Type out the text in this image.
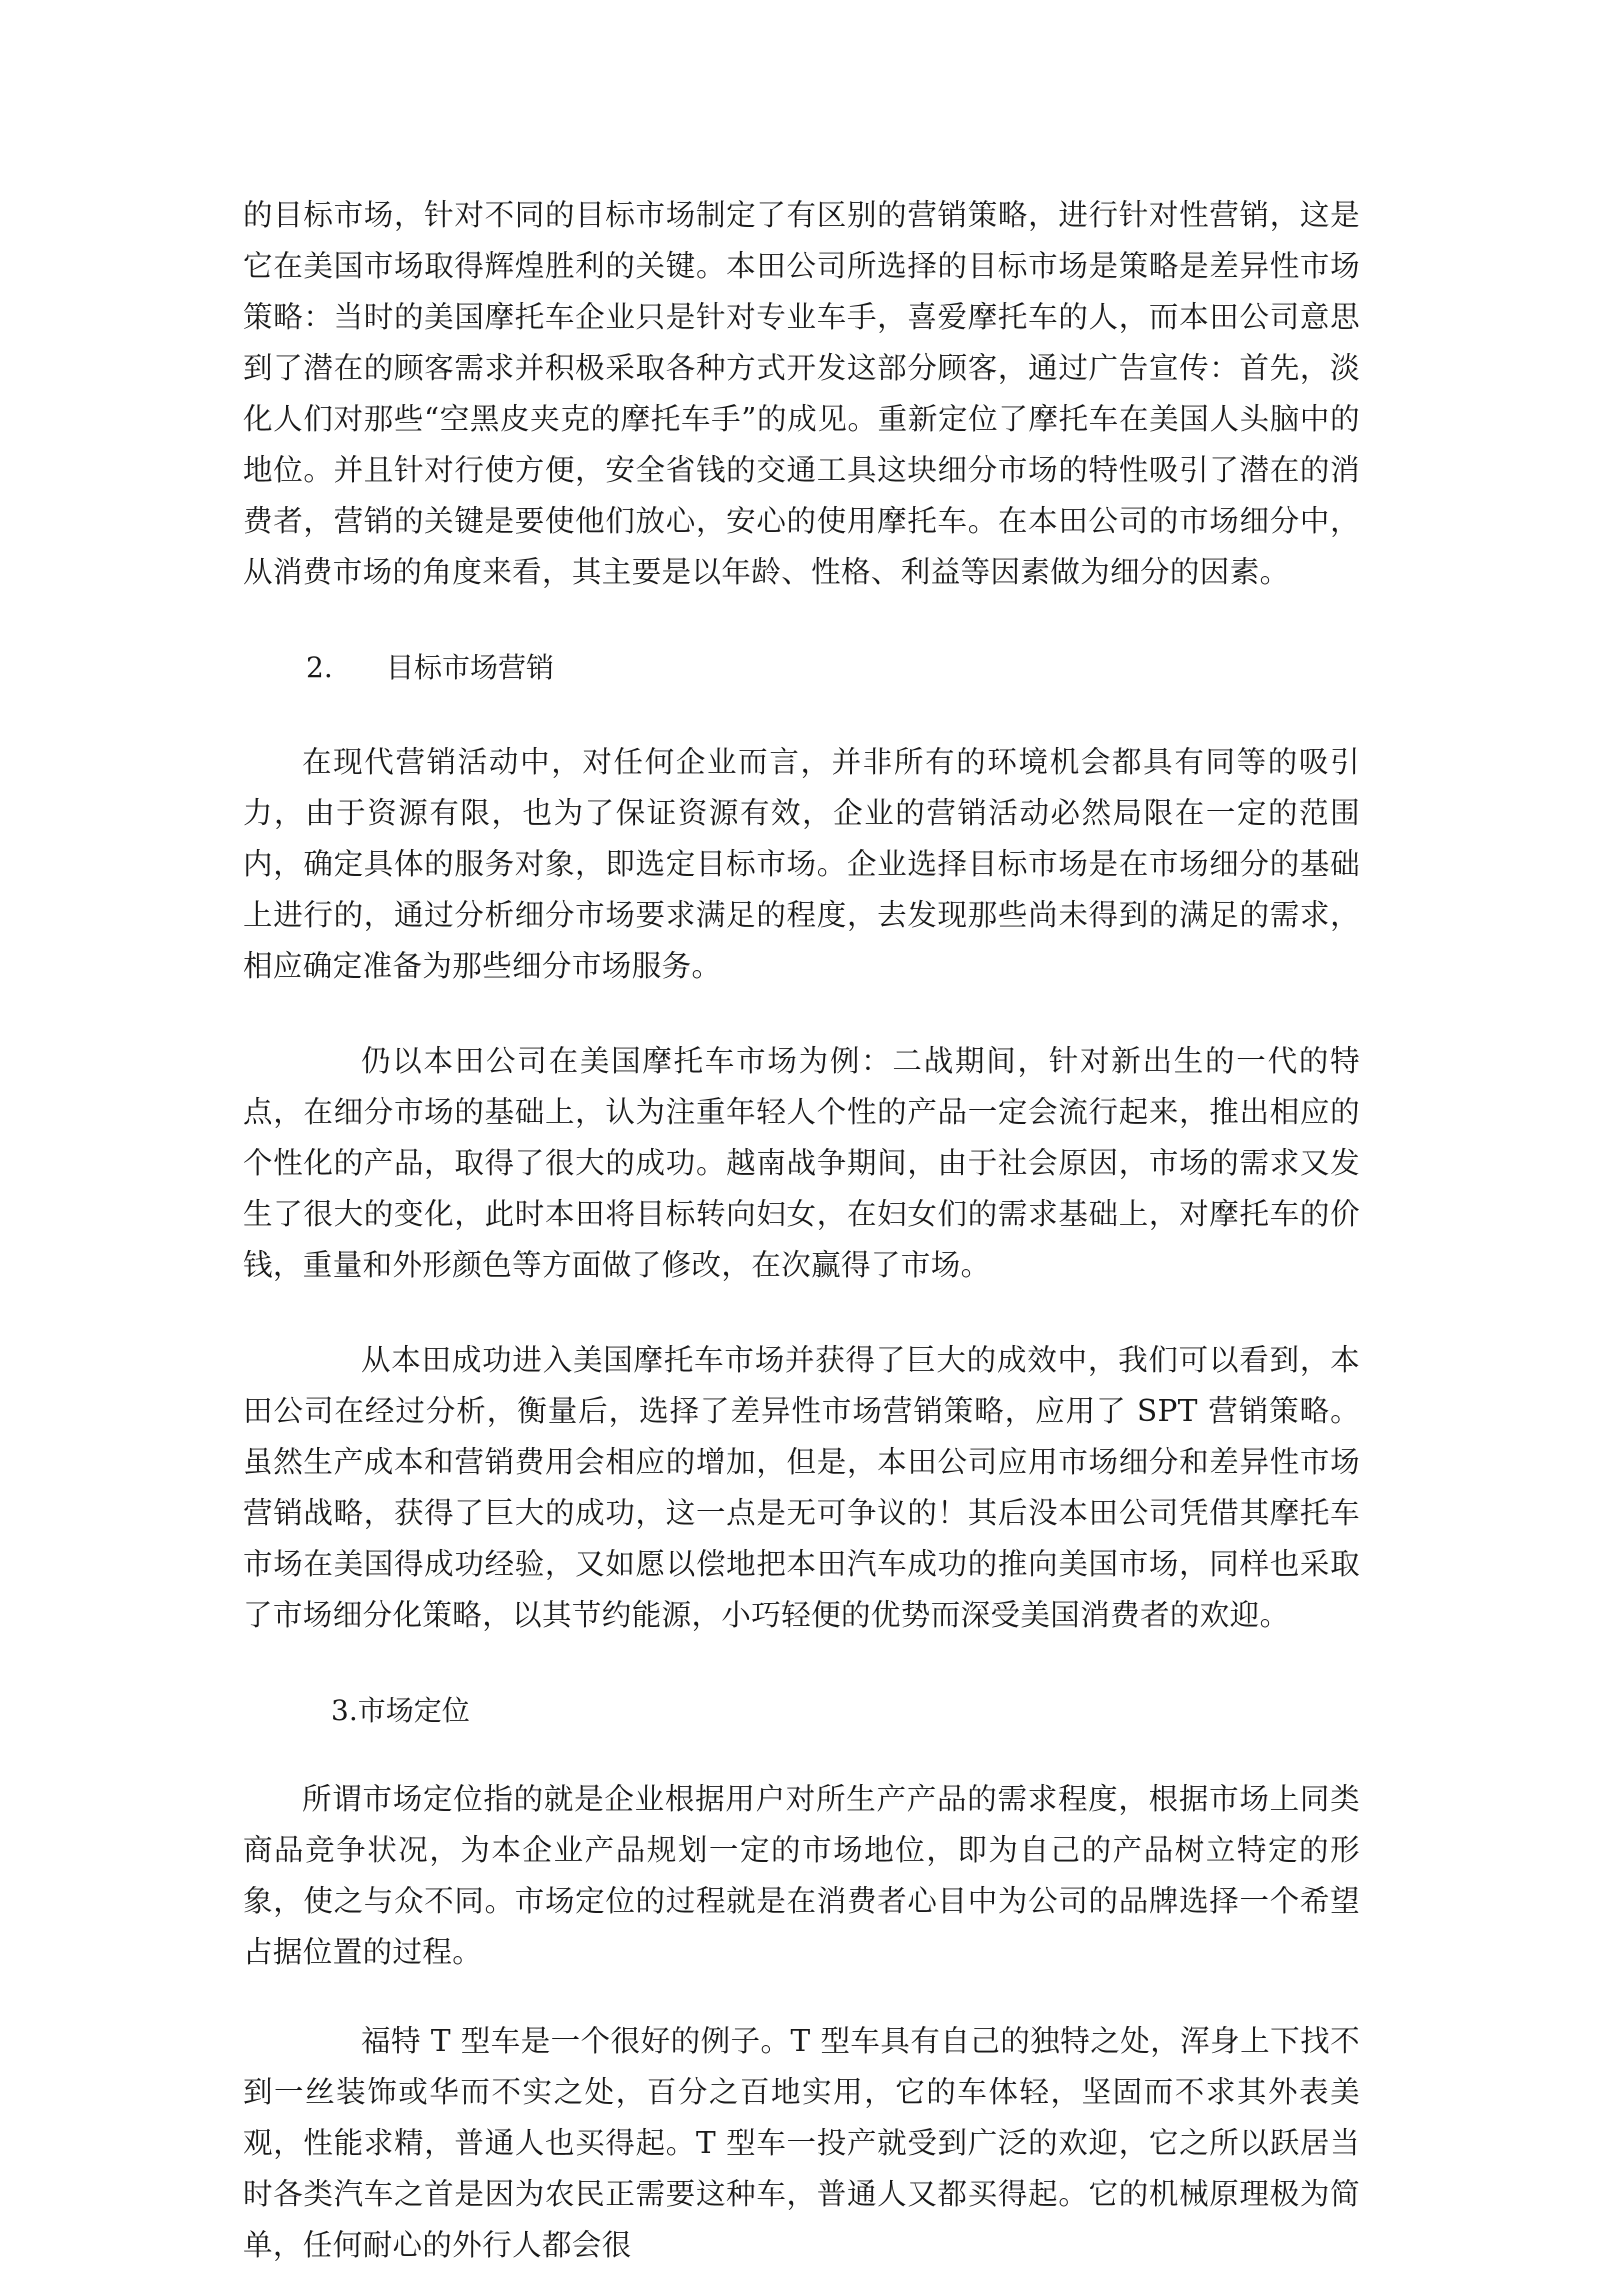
的目标市场，针对不同的目标市场制定了有区别的营销策略，进行针对性营销，这是它在美国市场取得辉煌胜利的关键。本田公司所选择的目标市场是策略是差异性市场策略：当时的美国摩托车企业只是针对专业车手，喜爱摩托车的人，而本田公司意思到了潜在的顾客需求并积极采取各种方式开发这部分顾客，通过广告宣传：首先，淡化人们对那些“空黑皮夹克的摩托车手”的成见。重新定位了摩托车在美国人头脑中的地位。并且针对行使方便，安全省钱的交通工具这块细分市场的特性吸引了潜在的消费者，营销的关键是要使他们放心，安心的使用摩托车。在本田公司的市场细分中，从消费市场的角度来看，其主要是以年龄、性格、利益等因素做为细分的因素。

2. 目标市场营销

在现代营销活动中，对任何企业而言，并非所有的环境机会都具有同等的吸引力，由于资源有限，也为了保证资源有效，企业的营销活动必然局限在一定的范围内，确定具体的服务对象，即选定目标市场。企业选择目标市场是在市场细分的基础上进行的，通过分析细分市场要求满足的程度，去发现那些尚未得到的满足的需求，相应确定准备为那些细分市场服务。

仍以本田公司在美国摩托车市场为例：二战期间，针对新出生的一代的特点，在细分市场的基础上，认为注重年轻人个性的产品一定会流行起来，推出相应的个性化的产品，取得了很大的成功。越南战争期间，由于社会原因，市场的需求又发生了很大的变化，此时本田将目标转向妇女，在妇女们的需求基础上，对摩托车的价钱，重量和外形颜色等方面做了修改，在次赢得了市场。

从本田成功进入美国摩托车市场并获得了巨大的成效中，我们可以看到，本田公司在经过分析，衡量后，选择了差异性市场营销策略，应用了 SPT 营销策略。虽然生产成本和营销费用会相应的增加，但是，本田公司应用市场细分和差异性市场营销战略，获得了巨大的成功，这一点是无可争议的！其后没本田公司凭借其摩托车市场在美国得成功经验，又如愿以偿地把本田汽车成功的推向美国市场，同样也采取了市场细分化策略，以其节约能源，小巧轻便的优势而深受美国消费者的欢迎。

3.市场定位

所谓市场定位指的就是企业根据用户对所生产产品的需求程度，根据市场上同类商品竞争状况，为本企业产品规划一定的市场地位，即为自己的产品树立特定的形象，使之与众不同。市场定位的过程就是在消费者心目中为公司的品牌选择一个希望占据位置的过程。

福特 T 型车是一个很好的例子。T 型车具有自己的独特之处，浑身上下找不到一丝装饰或华而不实之处，百分之百地实用，它的车体轻，坚固而不求其外表美观，性能求精，普通人也买得起。T 型车一投产就受到广泛的欢迎，它之所以跃居当时各类汽车之首是因为农民正需要这种车，普通人又都买得起。它的机械原理极为简单，任何耐心的外行人都会很
